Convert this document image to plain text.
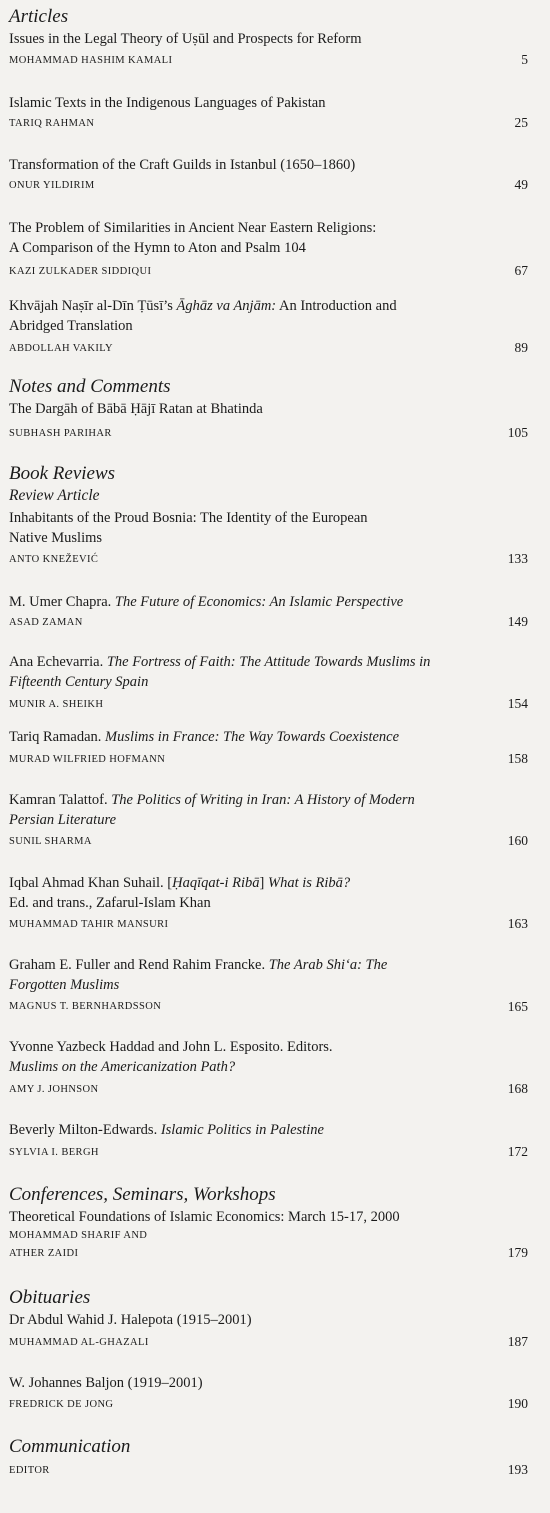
Articles
Issues in the Legal Theory of Uṣūl and Prospects for Reform
MOHAMMAD HASHIM KAMALI	5
Islamic Texts in the Indigenous Languages of Pakistan
TARIQ RAHMAN	25
Transformation of the Craft Guilds in Istanbul (1650–1860)
ONUR YILDIRIM	49
The Problem of Similarities in Ancient Near Eastern Religions:
A Comparison of the Hymn to Aton and Psalm 104
KAZI ZULKADER SIDDIQUI	67
Khvājah Naṣīr al-Dīn Ṭūsī’s Āghāz va Anjām: An Introduction and
Abridged Translation
ABDOLLAH VAKILY	89
Notes and Comments
The Dargāh of Bābā Ḥājī Ratan at Bhatinda
SUBHASH PARIHAR	105
Book Reviews
Review Article
Inhabitants of the Proud Bosnia: The Identity of the European
Native Muslims
ANTO KNEŽEVIĆ	133
M. Umer Chapra. The Future of Economics: An Islamic Perspective
ASAD ZAMAN	149
Ana Echevarria. The Fortress of Faith: The Attitude Towards Muslims in
Fifteenth Century Spain
MUNIR A. SHEIKH	154
Tariq Ramadan. Muslims in France: The Way Towards Coexistence
MURAD WILFRIED HOFMANN	158
Kamran Talattof. The Politics of Writing in Iran: A History of Modern
Persian Literature
SUNIL SHARMA	160
Iqbal Ahmad Khan Suhail. [Ḥaqīqat-i Ribā] What is Ribā?
Ed. and trans., Zafarul-Islam Khan
MUHAMMAD TAHIR MANSURI	163
Graham E. Fuller and Rend Rahim Francke. The Arab Shi‘a: The
Forgotten Muslims
MAGNUS T. BERNHARDSSON	165
Yvonne Yazbeck Haddad and John L. Esposito. Editors.
Muslims on the Americanization Path?
AMY J. JOHNSON	168
Beverly Milton-Edwards. Islamic Politics in Palestine
SYLVIA I. BERGH	172
Conferences, Seminars, Workshops
Theoretical Foundations of Islamic Economics: March 15-17, 2000
MOHAMMAD SHARIF AND
ATHER ZAIDI	179
Obituaries
Dr Abdul Wahid J. Halepota (1915–2001)
MUHAMMAD AL-GHAZALI	187
W. Johannes Baljon (1919–2001)
FREDRICK DE JONG	190
Communication
EDITOR	193
